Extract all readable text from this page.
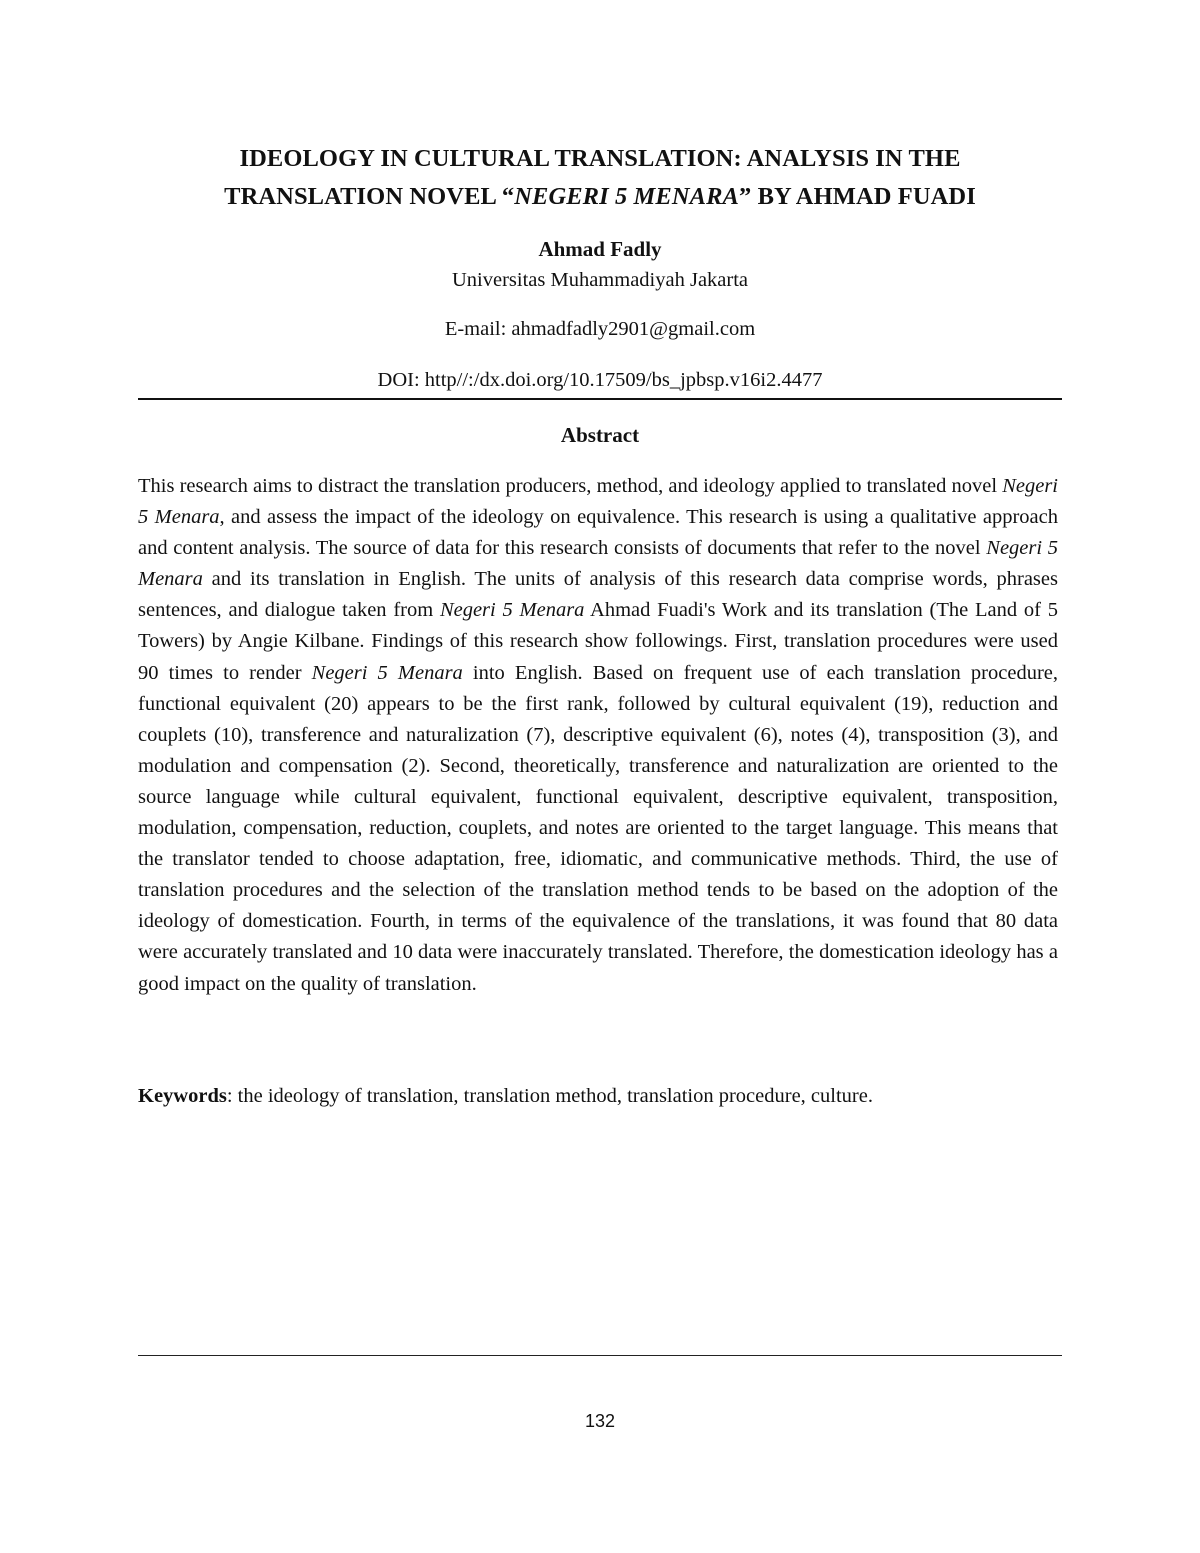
IDEOLOGY IN CULTURAL TRANSLATION: ANALYSIS IN THE
TRANSLATION NOVEL “NEGERI 5 MENARA” BY AHMAD FUADI
Ahmad Fadly
Universitas Muhammadiyah Jakarta
E-mail: ahmadfadly2901@gmail.com
DOI: http//:/dx.doi.org/10.17509/bs_jpbsp.v16i2.4477
Abstract

This research aims to distract the translation producers, method, and ideology applied to translated novel Negeri 5 Menara, and assess the impact of the ideology on equivalence. This research is using a qualitative approach and content analysis. The source of data for this research consists of documents that refer to the novel Negeri 5 Menara and its translation in English. The units of analysis of this research data comprise words, phrases sentences, and dialogue taken from Negeri 5 Menara Ahmad Fuadi's Work and its translation (The Land of 5 Towers) by Angie Kilbane. Findings of this research show followings. First, translation procedures were used 90 times to render Negeri 5 Menara into English. Based on frequent use of each translation procedure, functional equivalent (20) appears to be the first rank, followed by cultural equivalent (19), reduction and couplets (10), transference and naturalization (7), descriptive equivalent (6), notes (4), transposition (3), and modulation and compensation (2). Second, theoretically, transference and naturalization are oriented to the source language while cultural equivalent, functional equivalent, descriptive equivalent, transposition, modulation, compensation, reduction, couplets, and notes are oriented to the target language. This means that the translator tended to choose adaptation, free, idiomatic, and communicative methods. Third, the use of translation procedures and the selection of the translation method tends to be based on the adoption of the ideology of domestication. Fourth, in terms of the equivalence of the translations, it was found that 80 data were accurately translated and 10 data were inaccurately translated. Therefore, the domestication ideology has a good impact on the quality of translation.

Keywords: the ideology of translation, translation method, translation procedure, culture.
132
